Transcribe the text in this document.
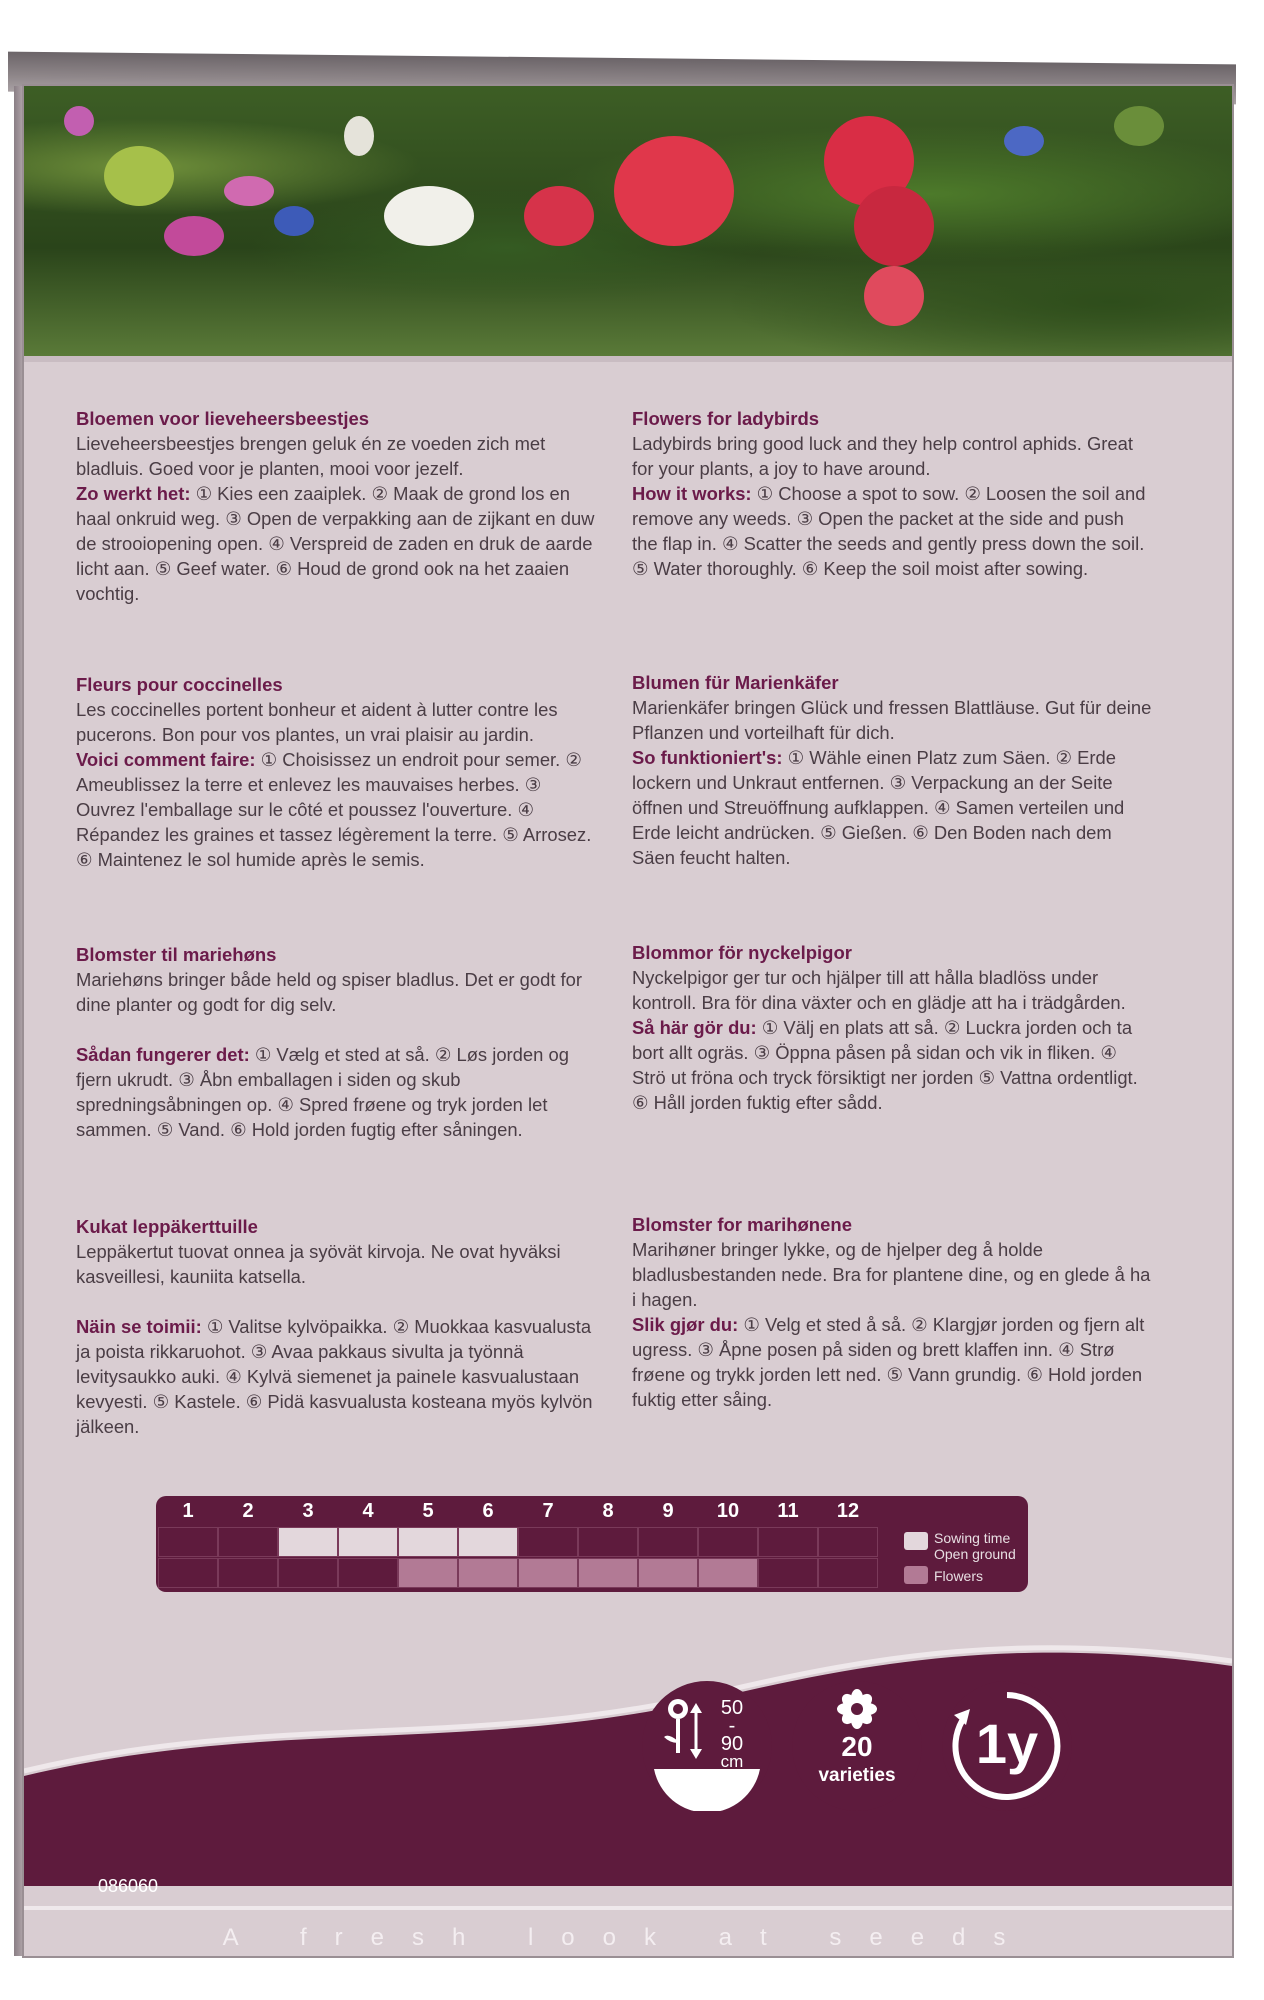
Bloemen voor lieveheersbeestjes

Lieveheersbeestjes brengen geluk én ze voeden zich met bladluis. Goed voor je planten, mooi voor jezelf.

Zo werkt het: ① Kies een zaaiplek. ② Maak de grond los en haal onkruid weg. ③ Open de verpakking aan de zijkant en duw de strooiopening open. ④ Verspreid de zaden en druk de aarde licht aan. ⑤ Geef water. ⑥ Houd de grond ook na het zaaien vochtig.

Flowers for ladybirds

Ladybirds bring good luck and they help control aphids. Great for your plants, a joy to have around.

How it works: ① Choose a spot to sow. ② Loosen the soil and remove any weeds. ③ Open the packet at the side and push the flap in. ④ Scatter the seeds and gently press down the soil. ⑤ Water thoroughly. ⑥ Keep the soil moist after sowing.

Fleurs pour coccinelles

Les coccinelles portent bonheur et aident à lutter contre les pucerons. Bon pour vos plantes, un vrai plaisir au jardin.

Voici comment faire: ① Choisissez un endroit pour semer. ② Ameublissez la terre et enlevez les mauvaises herbes. ③ Ouvrez l'emballage sur le côté et poussez l'ouverture. ④ Répandez les graines et tassez légèrement la terre. ⑤ Arrosez. ⑥ Maintenez le sol humide après le semis.

Blumen für Marienkäfer

Marienkäfer bringen Glück und fressen Blattläuse. Gut für deine Pflanzen und vorteilhaft für dich.

So funktioniert's: ① Wähle einen Platz zum Säen. ② Erde lockern und Unkraut entfernen. ③ Verpackung an der Seite öffnen und Streuöffnung aufklappen. ④ Samen verteilen und Erde leicht andrücken. ⑤ Gießen. ⑥ Den Boden nach dem Säen feucht halten.

Blomster til mariehøns

Mariehøns bringer både held og spiser bladlus. Det er godt for dine planter og godt for dig selv.

Sådan fungerer det: ① Vælg et sted at så. ② Løs jorden og fjern ukrudt. ③ Åbn emballagen i siden og skub spredningsåbningen op. ④ Spred frøene og tryk jorden let sammen. ⑤ Vand. ⑥ Hold jorden fugtig efter såningen.

Blommor för nyckelpigor

Nyckelpigor ger tur och hjälper till att hålla bladlöss under kontroll. Bra för dina växter och en glädje att ha i trädgården.

Så här gör du: ① Välj en plats att så. ② Luckra jorden och ta bort allt ogräs. ③ Öppna påsen på sidan och vik in fliken. ④ Strö ut fröna och tryck försiktigt ner jorden ⑤ Vattna ordentligt. ⑥ Håll jorden fuktig efter sådd.

Kukat leppäkerttuille

Leppäkertut tuovat onnea ja syövät kirvoja. Ne ovat hyväksi kasveillesi, kauniita katsella.

Näin se toimii: ① Valitse kylvöpaikka. ② Muokkaa kasvualusta ja poista rikkaruohot. ③ Avaa pakkaus sivulta ja työnnä levitysaukko auki. ④ Kylvä siemenet ja paineIe kasvualustaan kevyesti. ⑤ Kastele. ⑥ Pidä kasvualusta kosteana myös kylvön jälkeen.

Blomster for marihønene

Marihøner bringer lykke, og de hjelper deg å holde bladlusbestanden nede. Bra for plantene dine, og en glede å ha i hagen.

Slik gjør du: ① Velg et sted å så. ② Klargjør jorden og fjern alt ugress. ③ Åpne posen på siden og brett klaffen inn. ④ Strø frøene og trykk jorden lett ned. ⑤ Vann grundig. ⑥ Hold jorden fuktig etter såing.

Sowing time
Open ground
Flowers
1	2	3	4	5	6	7	8	9	10	11	12
50
-
90
cm	20
varieties
1y
086060
A fresh look at seeds
